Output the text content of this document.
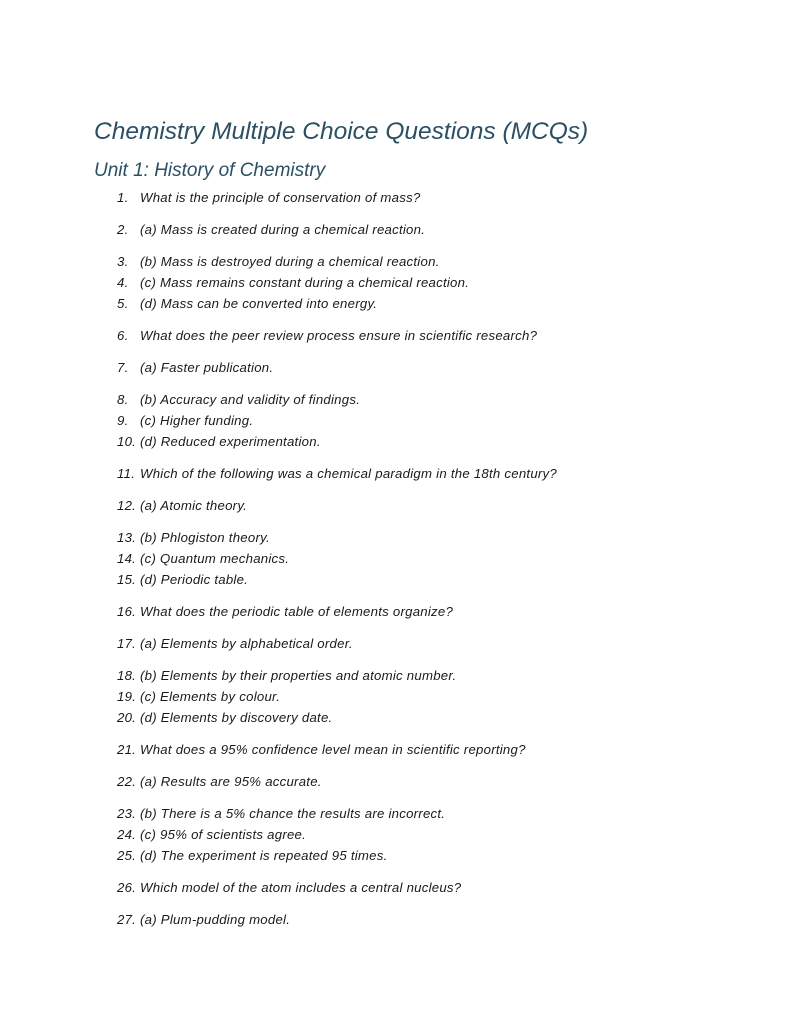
Chemistry Multiple Choice Questions (MCQs)
Unit 1: History of Chemistry
1. What is the principle of conservation of mass?
2. (a) Mass is created during a chemical reaction.
3. (b) Mass is destroyed during a chemical reaction.
4. (c) Mass remains constant during a chemical reaction.
5. (d) Mass can be converted into energy.
6. What does the peer review process ensure in scientific research?
7. (a) Faster publication.
8. (b) Accuracy and validity of findings.
9. (c) Higher funding.
10. (d) Reduced experimentation.
11. Which of the following was a chemical paradigm in the 18th century?
12. (a) Atomic theory.
13. (b) Phlogiston theory.
14. (c) Quantum mechanics.
15. (d) Periodic table.
16. What does the periodic table of elements organize?
17. (a) Elements by alphabetical order.
18. (b) Elements by their properties and atomic number.
19. (c) Elements by colour.
20. (d) Elements by discovery date.
21. What does a 95% confidence level mean in scientific reporting?
22. (a) Results are 95% accurate.
23. (b) There is a 5% chance the results are incorrect.
24. (c) 95% of scientists agree.
25. (d) The experiment is repeated 95 times.
26. Which model of the atom includes a central nucleus?
27. (a) Plum-pudding model.
